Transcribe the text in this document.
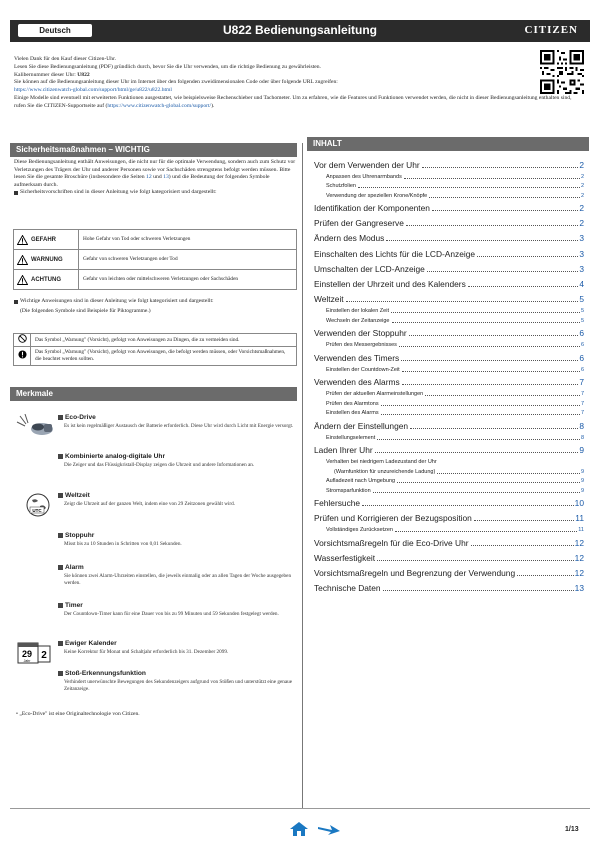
Deutsch	U822 Bedienungsanleitung	CITIZEN

Vielen Dank für den Kauf dieser Citizen-Uhr.

Lesen Sie diese Bedienungsanleitung (PDF) gründlich durch, bevor Sie die Uhr verwenden, um die richtige Bedienung zu gewährleisten.

Kalibernummer dieser Uhr: U822

Sie können auf die Bedienungsanleitung dieser Uhr im Internet über den folgenden zweidimensionalen Code oder über folgende URL zugreifen:

https://www.citizenwatch-global.com/support/html/ge/u822/u822.html

Einige Modelle sind eventuell mit erweiterten Funktionen ausgestattet, wie beispielsweise Rechenschieber und Tachometer. Um zu erfahren, wie die Features und Funktionen verwendet werden, die nicht in dieser Bedienungsanleitung enthalten sind, rufen Sie die CITIZEN-Supportseite auf (https://www.citizenwatch-global.com/support/).

Sicherheitsmaßnahmen – WICHTIG

Diese Bedienungsanleitung enthält Anweisungen, die nicht nur für die optimale Verwendung, sondern auch zum Schutz vor Verletzungen des Trägers der Uhr und anderer Personen sowie vor Sachschäden strengstens befolgt werden müssen. Bitte lesen Sie die gesamte Broschüre (insbesondere die Seiten 12 und 13) und die Bedeutung der folgenden Symbole aufmerksam durch.

Sicherheitsvorschriften sind in dieser Anleitung wie folgt kategorisiert und dargestellt:
GEFAHR	Hohe Gefahr von Tod oder schweren Verletzungen

WARNUNG	Gefahr von schweren Verletzungen oder Tod

ACHTUNG	Gefahr von leichten oder mittelschweren Verletzungen oder Sachschäden
Wichtige Anweisungen sind in dieser Anleitung wie folgt kategorisiert und dargestellt:
(Die folgenden Symbole sind Beispiele für Piktogramme.)
	Das Symbol „Warnung" (Vorsicht), gefolgt von Anweisungen zu Dingen, die zu vermeiden sind.
	Das Symbol „Warnung" (Vorsicht), gefolgt von Anweisungen, die befolgt werden müssen, oder Vorsichtsmaßnahmen, die beachtet werden sollten.
Merkmale
Eco-Drive
Es ist kein regelmäßiger Austausch der Batterie erforderlich. Diese Uhr wird durch Licht mit Energie versorgt.
Kombinierte analog-digitale Uhr
Die Zeiger und das Flüssigkristall-Display zeigen die Uhrzeit und andere Informationen an.
UTC
Weltzeit
Zeigt die Uhrzeit auf der ganzen Welt, indem eine von 29 Zeitzonen gewählt wird.
Stoppuhr
Misst bis zu 10 Stunden in Schritten von 0,01 Sekunden.
Alarm
Sie können zwei Alarm-Uhrzeiten einstellen, die jeweils einmalig oder an allen Tagen der Woche ausgegeben werden.
Timer
Der Countdown-Timer kann für eine Dauer von bis zu 99 Minuten und 59 Sekunden festgelegt werden.
29
Jahr 2
Ewiger Kalender
Keine Korrektur für Monat und Schaltjahr erforderlich bis 31. Dezember 2099.
Stoß-Erkennungsfunktion
Verhindert unerwünschte Bewegungen des Sekundenzeigers aufgrund von Stößen und unterstützt eine genaue Zeitanzeige.
• „Eco-Drive" ist eine Originaltechnologie von Citizen.
INHALT
Vor dem Verwenden der Uhr	2
Anpassen des Uhrenarmbands	2
Schutzfolien	2
Verwendung der speziellen Krone/Knöpfe	2
Identifikation der Komponenten	2
Prüfen der Gangreserve	2
Ändern des Modus	3
Einschalten des Lichts für die LCD-Anzeige	3
Umschalten der LCD-Anzeige	3
Einstellen der Uhrzeit und des Kalenders	4
Weltzeit	5
Einstellen der lokalen Zeit	5
Wechseln der Zeitanzeige	5
Verwenden der Stoppuhr	6
Prüfen des Messergebnisses	6
Verwenden des Timers	6
Einstellen der Countdown-Zeit	6
Verwenden des Alarms	7
Prüfen der aktuellen Alarmeinstellungen	7
Prüfen des Alarmtons	7
Einstellen des Alarms	7
Ändern der Einstellungen	8
Einstellungselement	8
Laden Ihrer Uhr	9
Verhalten bei niedrigem Ladezustand der Uhr
(Warnfunktion für unzureichende Ladung)	9
Aufladezeit nach Umgebung	9
Stromsparfunktion	9
Fehlersuche	10
Prüfen und Korrigieren der Bezugsposition	11
Vollständiges Zurücksetzen	11
Vorsichtsmaßregeln für die Eco-Drive Uhr	12
Wasserfestigkeit	12
Vorsichtsmaßregeln und Begrenzung der Verwendung	12
Technische Daten	13
1/13
